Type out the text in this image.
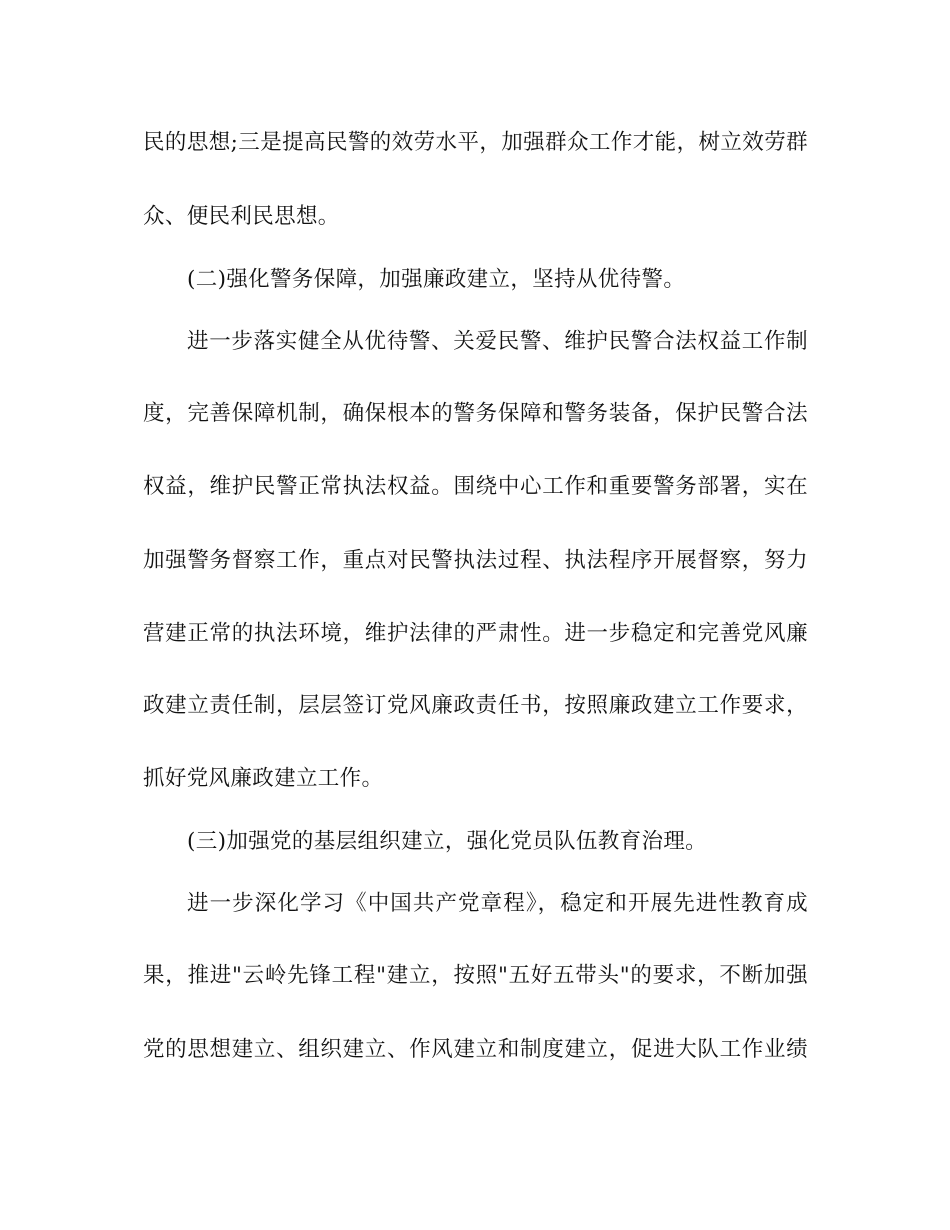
民的思想;三是提高民警的效劳水平，加强群众工作才能，树立效劳群
众、便民利民思想。
(二)强化警务保障，加强廉政建立，坚持从优待警。
进一步落实健全从优待警、关爱民警、维护民警合法权益工作制
度，完善保障机制，确保根本的警务保障和警务装备，保护民警合法
权益，维护民警正常执法权益。围绕中心工作和重要警务部署，实在
加强警务督察工作，重点对民警执法过程、执法程序开展督察，努力
营建正常的执法环境，维护法律的严肃性。进一步稳定和完善党风廉
政建立责任制，层层签订党风廉政责任书，按照廉政建立工作要求，
抓好党风廉政建立工作。
(三)加强党的基层组织建立，强化党员队伍教育治理。
进一步深化学习《中国共产党章程》，稳定和开展先进性教育成
果，推进"云岭先锋工程"建立，按照"五好五带头"的要求，不断加强
党的思想建立、组织建立、作风建立和制度建立，促进大队工作业绩
